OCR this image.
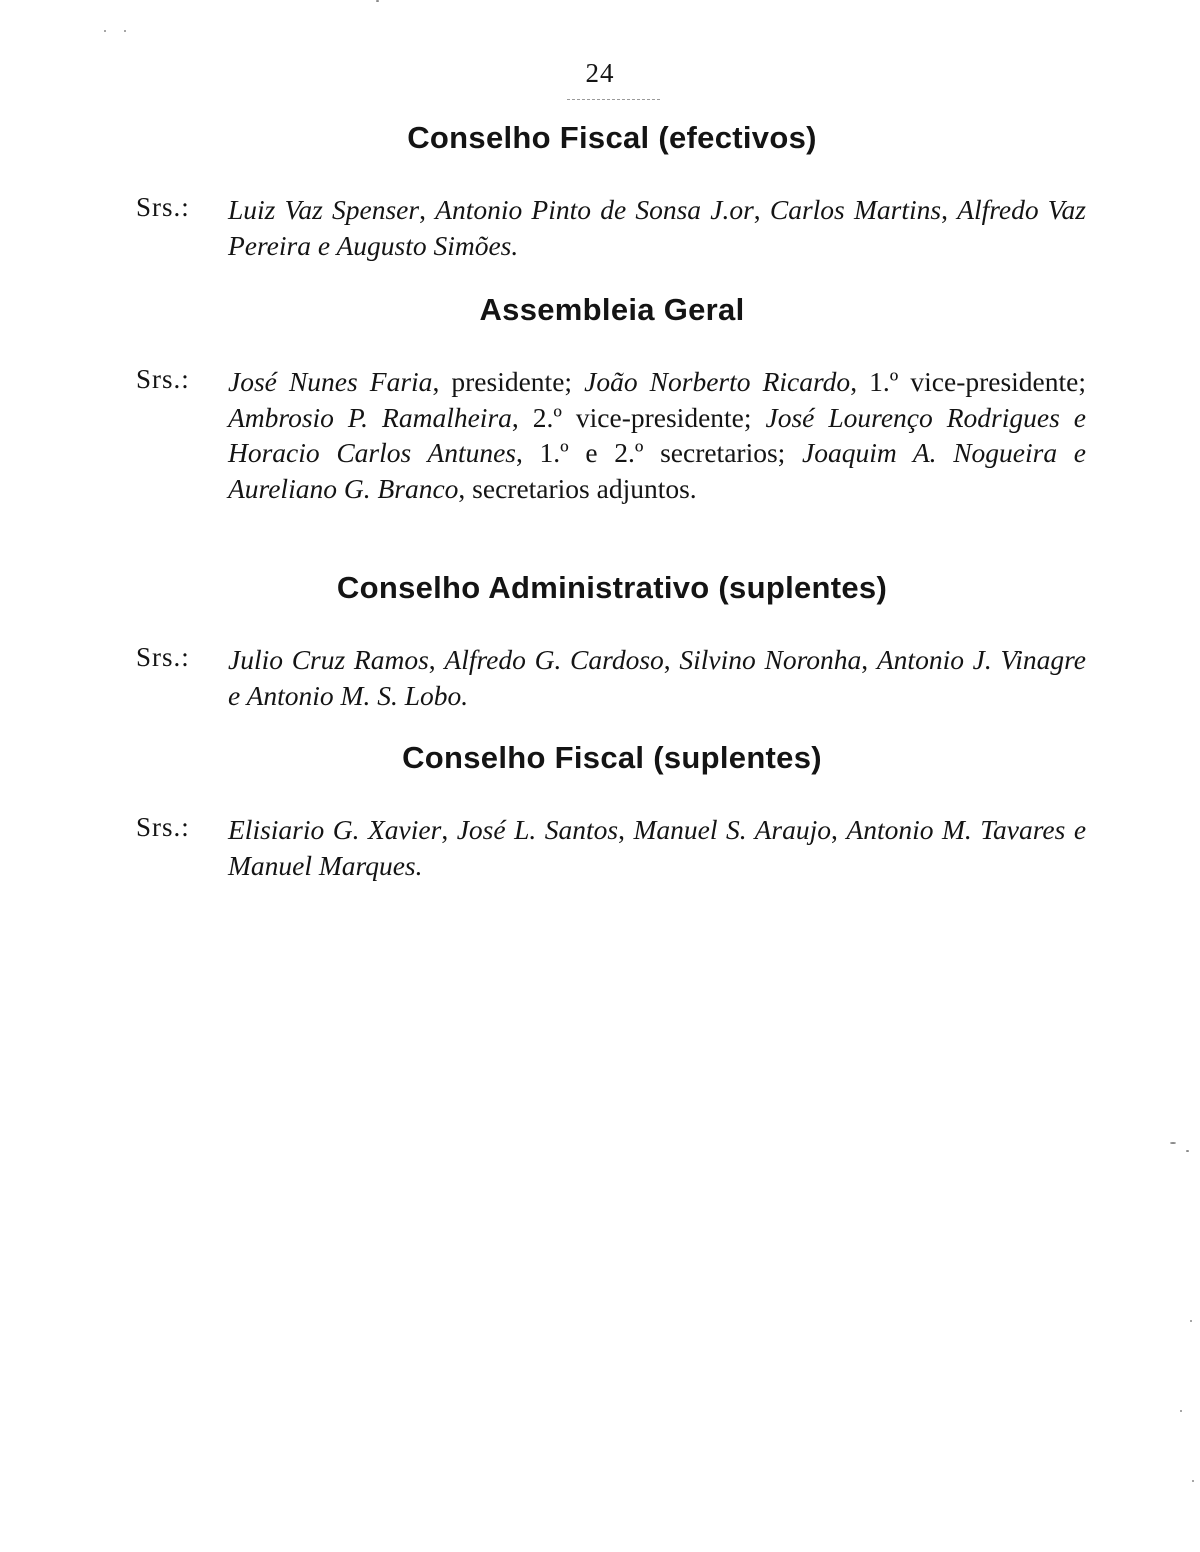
24
Conselho Fiscal (efectivos)
Srs.: Luiz Vaz Spenser, Antonio Pinto de Sonsa J.or, Carlos Martins, Alfredo Vaz Pereira e Augusto Simões.
Assembleia Geral
Srs.: José Nunes Faria, presidente; João Norberto Ricardo, 1.º vice-presidente; Ambrosio P. Ramalheira, 2.º vice-presidente; José Lourenço Rodrigues e Horacio Carlos Antunes, 1.º e 2.º secretarios; Joaquim A. Nogueira e Aureliano G. Branco, secretarios adjuntos.
Conselho Administrativo (suplentes)
Srs.: Julio Cruz Ramos, Alfredo G. Cardoso, Silvino Noronha, Antonio J. Vinagre e Antonio M. S. Lobo.
Conselho Fiscal (suplentes)
Srs.: Elisiario G. Xavier, José L. Santos, Manuel S. Araujo, Antonio M. Tavares e Manuel Marques.
